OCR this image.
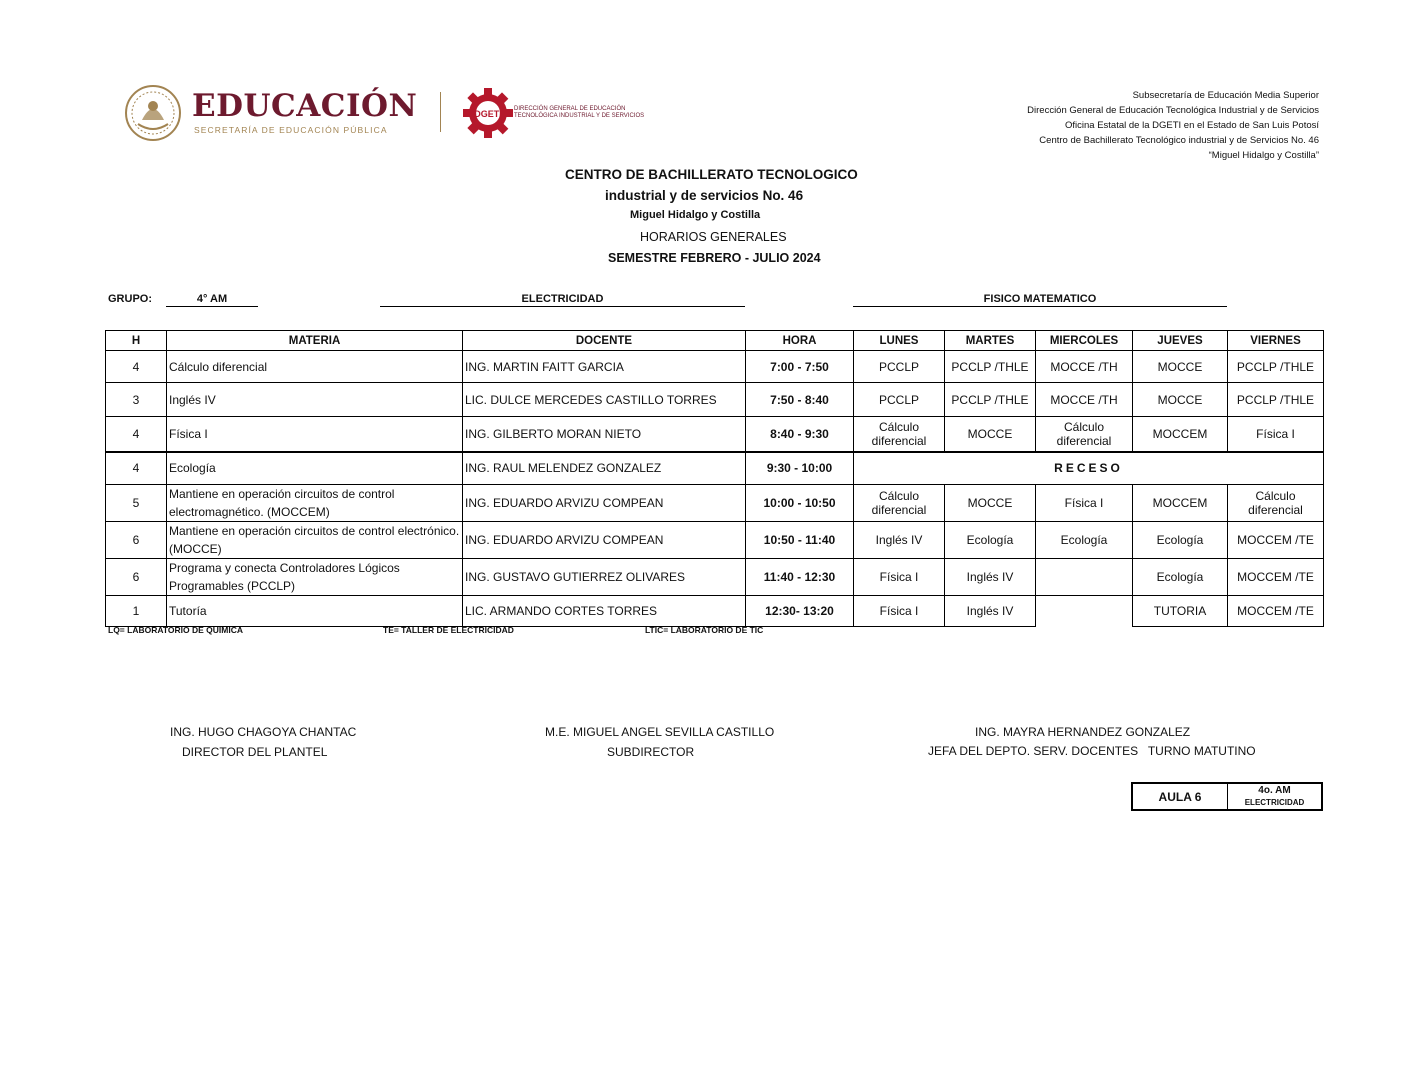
EDUCACIÓN
SECRETARÍA DE EDUCACIÓN PÚBLICA
DGETI DIRECCIÓN GENERAL DE EDUCACIÓN TECNOLÓGICA INDUSTRIAL Y DE SERVICIOS
Subsecretaría de Educación Media Superior
Dirección General de Educación Tecnológica Industrial y de Servicios
Oficina Estatal de la DGETI en el Estado de San Luis Potosí
Centro de Bachillerato Tecnológico industrial y de Servicios No. 46
“Miguel Hidalgo y Costilla”
CENTRO DE BACHILLERATO TECNOLOGICO
industrial y de servicios No. 46
Miguel Hidalgo y Costilla
HORARIOS GENERALES
SEMESTRE FEBRERO - JULIO 2024
GRUPO:	4° AM	ELECTRICIDAD	FISICO MATEMATICO
H	MATERIA	DOCENTE	HORA	LUNES	MARTES	MIERCOLES	JUEVES	VIERNES
4	Cálculo diferencial	ING. MARTIN FAITT GARCIA	7:00 - 7:50	PCCLP	PCCLP /THLE	MOCCE /TH	MOCCE	PCCLP /THLE
3	Inglés IV	LIC. DULCE MERCEDES CASTILLO TORRES	7:50 - 8:40	PCCLP	PCCLP /THLE	MOCCE /TH	MOCCE	PCCLP /THLE
4	Física I	ING. GILBERTO MORAN NIETO	8:40 - 9:30	Cálculo diferencial	MOCCE	Cálculo diferencial	MOCCEM	Física I
4	Ecología	ING. RAUL MELENDEZ GONZALEZ	9:30 - 10:00	RECESO				
5	Mantiene en operación circuitos de control electromagnético. (MOCCEM)	ING. EDUARDO ARVIZU COMPEAN	10:00 - 10:50	Cálculo diferencial	MOCCE	Física I	MOCCEM	Cálculo diferencial
6	Mantiene en operación circuitos de control electrónico. (MOCCE)	ING. EDUARDO ARVIZU COMPEAN	10:50 - 11:40	Inglés IV	Ecología	Ecología	Ecología	MOCCEM /TE
6	Programa y conecta Controladores Lógicos Programables (PCCLP)	ING. GUSTAVO GUTIERREZ OLIVARES	11:40 - 12:30	Física I	Inglés IV		Ecología	MOCCEM /TE
1	Tutoría	LIC. ARMANDO CORTES TORRES	12:30- 13:20	Física I	Inglés IV		TUTORIA	MOCCEM /TE
LQ= LABORATORIO DE QUIMICA	TE= TALLER DE ELECTRICIDAD	LTIC= LABORATORIO DE TIC
ING. HUGO CHAGOYA CHANTAC
DIRECTOR DEL PLANTEL
M.E. MIGUEL ANGEL SEVILLA CASTILLO
SUBDIRECTOR
ING. MAYRA HERNANDEZ GONZALEZ
JEFA DEL DEPTO. SERV. DOCENTES   TURNO MATUTINO
AULA 6	4o. AM
ELECTRICIDAD
